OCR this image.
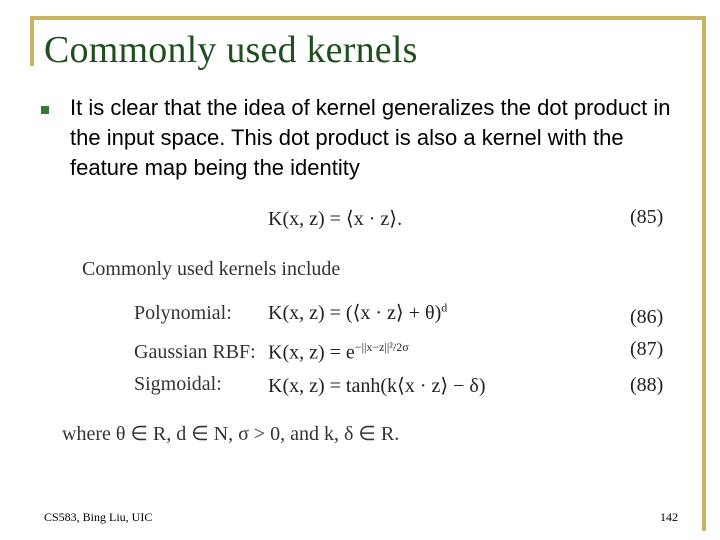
Commonly used kernels
It is clear that the idea of kernel generalizes the dot product in the input space. This dot product is also a kernel with the feature map being the identity
K(x, z) = ⟨x · z⟩.	(85)
Commonly used kernels include
Polynomial: K(x, z) = (⟨x · z⟩ + θ)$^d$	(86)
Gaussian RBF: K(x, $z) = e^{-||x-z||^2/2\sigma}$	(87)
Sigmoidal: K(x, z) = tanh(k⟨x · z⟩ − δ)	(88)
where θ ∈ R, d ∈ N, σ > 0, and k, δ ∈ R.
CS583, Bing Liu, UIC	142
